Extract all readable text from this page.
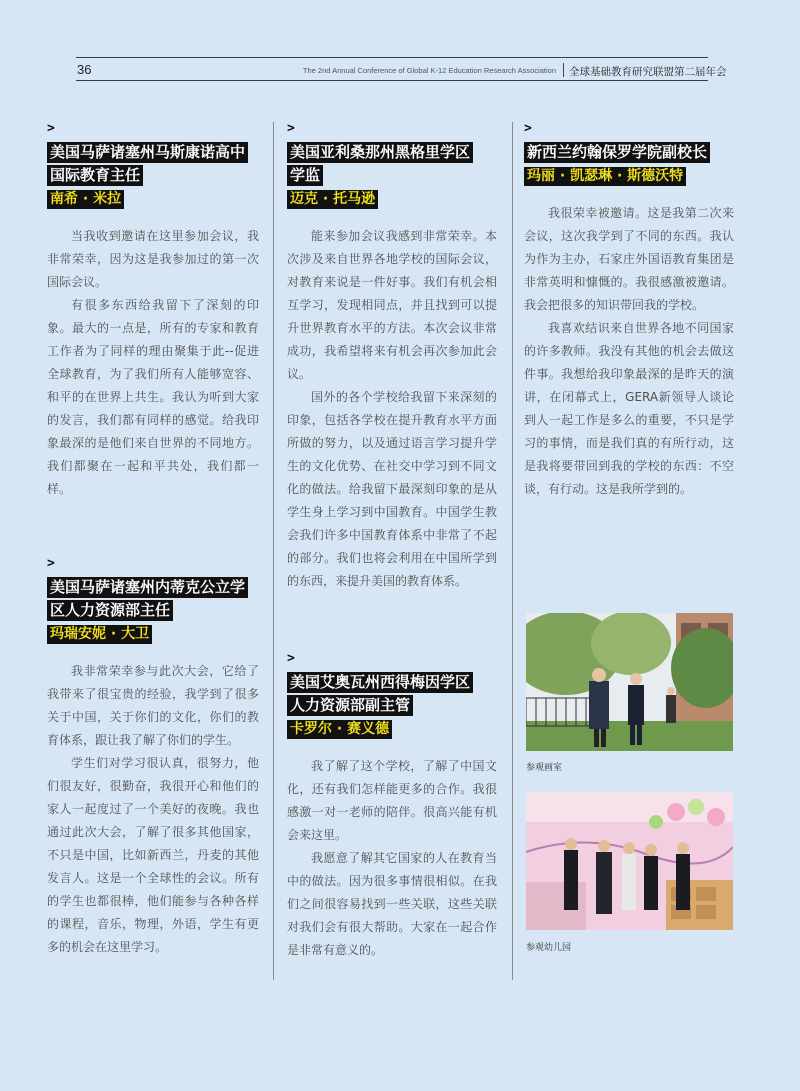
36	The 2nd Annual Conference of Global K-12 Education Research Association 全球基础教育研究联盟第二届年会
>
美国马萨诸塞州马斯康诺高中
国际教育主任
南希 · 米拉

当我收到邀请在这里参加会议，我非常荣幸，因为这是我参加过的第一次国际会议。

有很多东西给我留下了深刻的印象。最大的一点是，所有的专家和教育工作者为了同样的理由聚集于此--促进全球教育，为了我们所有人能够宽容、和平的在世界上共生。我认为听到大家的发言，我们都有同样的感觉。给我印象最深的是他们来自世界的不同地方。我们都聚在一起和平共处，我们都一样。

>
美国马萨诸塞州内蒂克公立学
区人力资源部主任
玛瑞安妮 · 大卫

我非常荣幸参与此次大会，它给了我带来了很宝贵的经验，我学到了很多关于中国，关于你们的文化，你们的教育体系，跟让我了解了你们的学生。

学生们对学习很认真，很努力，他们很友好，很勤奋，我很开心和他们的家人一起度过了一个美好的夜晚。我也通过此次大会，了解了很多其他国家，不只是中国，比如新西兰，丹麦的其他发言人。这是一个全球性的会议。所有的学生也都很棒，他们能参与各种各样的课程，音乐，物理，外语，学生有更多的机会在这里学习。

>
美国亚利桑那州黑格里学区
学监
迈克 · 托马逊

能来参加会议我感到非常荣幸。本次涉及来自世界各地学校的国际会议，对教育来说是一件好事。我们有机会相互学习，发现相同点，并且找到可以提升世界教育水平的方法。本次会议非常成功，我希望将来有机会再次参加此会议。

国外的各个学校给我留下来深刻的印象，包括各学校在提升教育水平方面所做的努力，以及通过语言学习提升学生的文化优势、在社交中学习到不同文化的做法。给我留下最深刻印象的是从学生身上学习到中国教育。中国学生教会我们许多中国教育体系中非常了不起的部分。我们也将会利用在中国所学到的东西，来提升美国的教育体系。

>
美国艾奥瓦州西得梅因学区
人力资源部副主管
卡罗尔 · 赛义德

我了解了这个学校，了解了中国文化，还有我们怎样能更多的合作。我很感激一对一老师的陪伴。很高兴能有机会来这里。

我愿意了解其它国家的人在教育当中的做法。因为很多事情很相似。在我们之间很容易找到一些关联，这些关联对我们会有很大帮助。大家在一起合作是非常有意义的。

>
新西兰约翰保罗学院副校长
玛丽 · 凯瑟琳 · 斯德沃特

我很荣幸被邀请。这是我第二次来会议，这次我学到了不同的东西。我认为作为主办，石家庄外国语教育集团是非常英明和慷慨的。我很感激被邀请。我会把很多的知识带回我的学校。

我喜欢结识来自世界各地不同国家的许多教师。我没有其他的机会去做这件事。我想给我印象最深的是昨天的演讲，在闭幕式上，GERA新领导人谈论到人一起工作是多么的重要，不只是学习的事情，而是我们真的有所行动，这是我将要带回到我的学校的东西：不空谈，有行动。这是我所学到的。

参观画室
参观幼儿园
